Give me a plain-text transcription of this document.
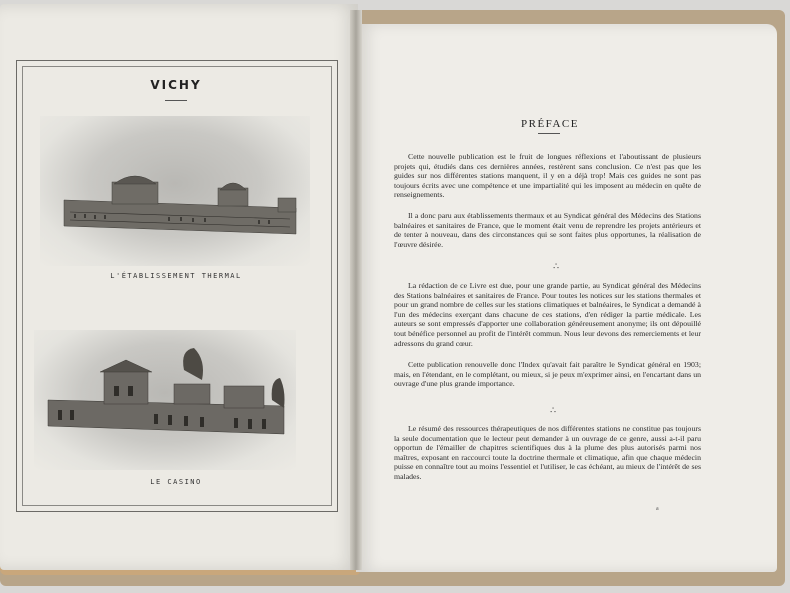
VICHY
L'ÉTABLISSEMENT THERMAL
LE CASINO
PRÉFACE
Cette nouvelle publication est le fruit de longues réflexions et l'aboutissant de plusieurs projets qui, étudiés dans ces dernières années, restèrent sans conclusion. Ce n'est pas que les guides sur nos différentes stations manquent, il y en a déjà trop! Mais ces guides ne sont pas toujours écrits avec une compétence et une impartialité qui les imposent au médecin en quête de renseignements.
Il a donc paru aux établissements thermaux et au Syndicat général des Médecins des Stations balnéaires et sanitaires de France, que le moment était venu de reprendre les projets antérieurs et de tenter à nouveau, dans des circonstances qui se sont faites plus opportunes, la réalisation de l'œuvre désirée.
∴
La rédaction de ce Livre est due, pour une grande partie, au Syndicat général des Médecins des Stations balnéaires et sanitaires de France. Pour toutes les notices sur les stations thermales et pour un grand nombre de celles sur les stations climatiques et balnéaires, le Syndicat a demandé à l'un des médecins exerçant dans chacune de ces stations, d'en rédiger la partie médicale. Les auteurs se sont empressés d'apporter une collaboration généreusement anonyme; ils ont dépouillé tout bénéfice personnel au profit de l'intérêt commun. Nous leur devons des remerciements et leur adressons du grand cœur.
Cette publication renouvelle donc l'Index qu'avait fait paraître le Syndicat général en 1903; mais, en l'étendant, en le complétant, ou mieux, si je peux m'exprimer ainsi, en l'encartant dans un ouvrage d'une plus grande importance.
∴
Le résumé des ressources thérapeutiques de nos différentes stations ne constitue pas toujours la seule documentation que le lecteur peut demander à un ouvrage de ce genre, aussi a-t-il paru opportun de l'émailler de chapitres scientifiques dus à la plume des plus autorisés parmi nos maîtres, exposant en raccourci toute la doctrine thermale et climatique, afin que chaque médecin puisse en connaître tout au moins l'essentiel et l'utiliser, le cas échéant, au mieux de l'intérêt de ses malades.
a
